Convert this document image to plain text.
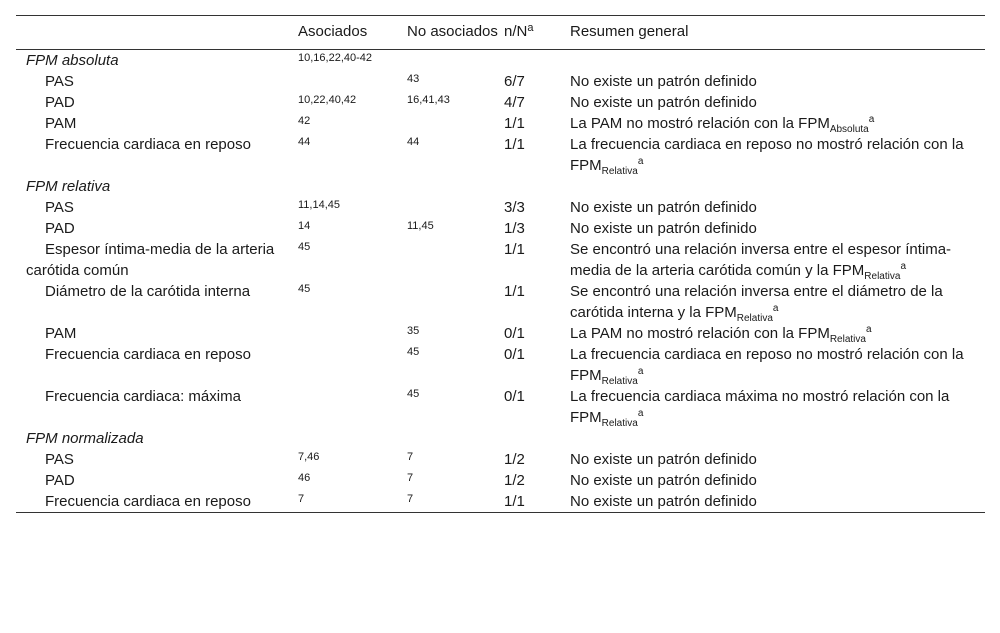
	Asociados	No asociados	$n/N^a$	Resumen general
FPM absoluta	10,16,22,40-42			

PAS		43	6/7	No existe un patrón definido
PAD	10,22,40,42	16,41,43	4/7	No existe un patrón definido
PAM	42		1/1	La PAM no mostró relación con la $FPM_{Absoluta}^a$
Frecuencia cardiaca en reposo	44	44	1/1	La frecuencia cardiaca en reposo no mostró relación con la $FPM_{Relativa}^a$
FPM relativa				
PAS	11,14,45		3/3	No existe un patrón definido
PAD	14	11,45	1/3	No existe un patrón definido
Espesor íntima-media de la arteria carótida común	45		1/1	Se encontró una relación inversa entre el espesor íntima-media de la arteria carótida común y la $FPM_{Relativa}^a$
Diámetro de la carótida interna	45		1/1	Se encontró una relación inversa entre el diámetro de la carótida interna y la $FPM_{Relativa}^a$
PAM		35	0/1	La PAM no mostró relación con la $FPM_{Relativa}^a$
Frecuencia cardiaca en reposo		45	0/1	La frecuencia cardiaca en reposo no mostró relación con la $FPM_{Relativa}^a$
Frecuencia cardiaca: máxima		45	0/1	La frecuencia cardiaca máxima no mostró relación con la $FPM_{Relativa}^a$
FPM normalizada				
PAS	7,46	7	1/2	No existe un patrón definido
PAD	46	7	1/2	No existe un patrón definido
Frecuencia cardiaca en reposo	7	7	1/1	No existe un patrón definido
